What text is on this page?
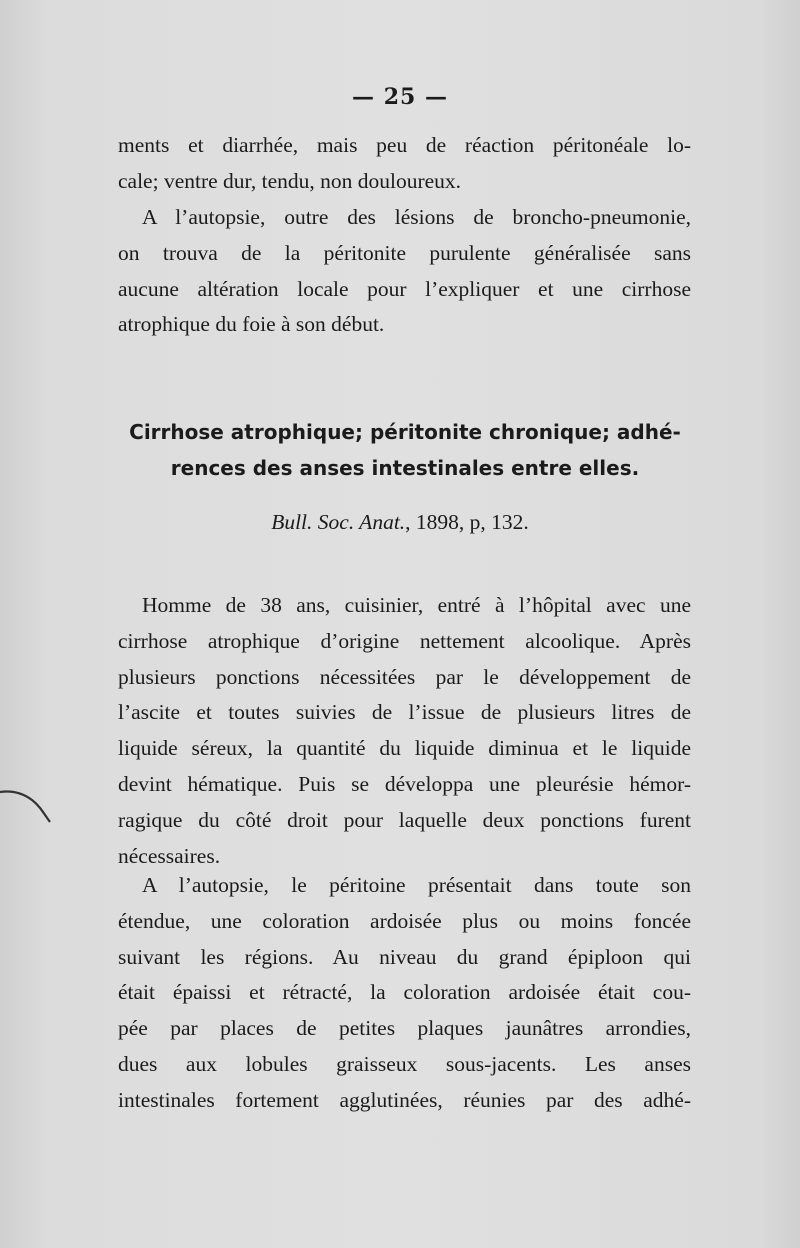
— 25 —
ments et diarrhée, mais peu de réaction péritonéale lo-
cale; ventre dur, tendu, non douloureux.
A l’autopsie, outre des lésions de broncho-pneumonie,
on trouva de la péritonite purulente généralisée sans
aucune altération locale pour l’expliquer et une cirrhose
atrophique du foie à son début.
Cirrhose atrophique; péritonite chronique; adhé-
rences des anses intestinales entre elles.
Bull. Soc. Anat., 1898, p, 132.
Homme de 38 ans, cuisinier, entré à l’hôpital avec une
cirrhose atrophique d’origine nettement alcoolique. Après
plusieurs ponctions nécessitées par le développement de
l’ascite et toutes suivies de l’issue de plusieurs litres de
liquide séreux, la quantité du liquide diminua et le liquide
devint hématique. Puis se développa une pleurésie hémor-
ragique du côté droit pour laquelle deux ponctions furent
nécessaires.
A l’autopsie, le péritoine présentait dans toute son
étendue, une coloration ardoisée plus ou moins foncée
suivant les régions. Au niveau du grand épiploon qui
était épaissi et rétracté, la coloration ardoisée était cou-
pée par places de petites plaques jaunâtres arrondies,
dues aux lobules graisseux sous-jacents. Les anses
intestinales fortement agglutinées, réunies par des adhé-
